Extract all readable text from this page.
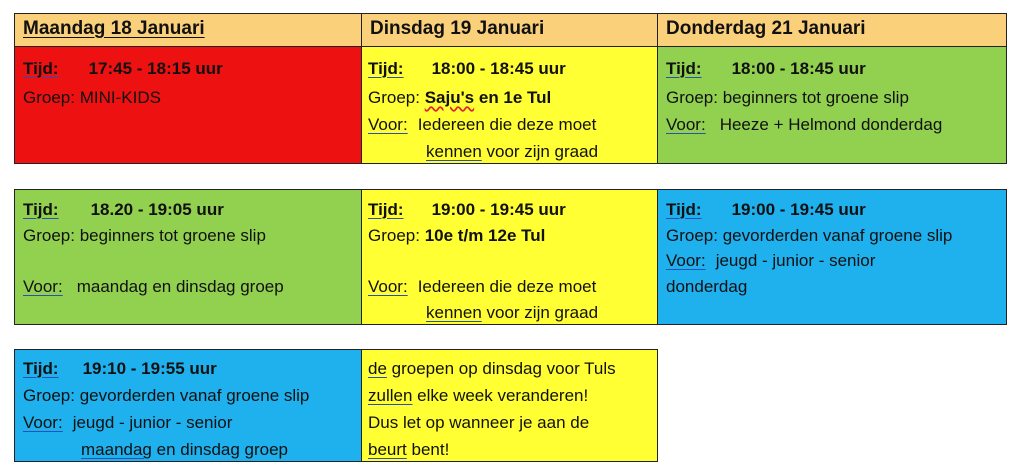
Maandag 18 Januari	Dinsdag 19 Januari	Donderdag 21 Januari
Tijd: 17:45 - 18:15 uur
Groep: MINI-KIDS
Tijd: 18:00 - 18:45 uur
Groep: Saju's en 1e Tul
Voor: Iedereen die deze moet
kennen voor zijn graad
Tijd: 18:00 - 18:45 uur
Groep: beginners tot groene slip
Voor: Heeze + Helmond donderdag
Tijd: 18.20 - 19:05 uur
Groep: beginners tot groene slip
Voor: maandag en dinsdag groep
Tijd: 19:00 - 19:45 uur
Groep: 10e t/m 12e Tul
Voor: Iedereen die deze moet
kennen voor zijn graad
Tijd: 19:00 - 19:45 uur
Groep: gevorderden vanaf groene slip
Voor: jeugd - junior - senior
donderdag
Tijd: 19:10 - 19:55 uur
Groep: gevorderden vanaf groene slip
Voor: jeugd - junior - senior
maandag en dinsdag groep
de groepen op dinsdag voor Tuls
zullen elke week veranderen!
Dus let op wanneer je aan de
beurt bent!
